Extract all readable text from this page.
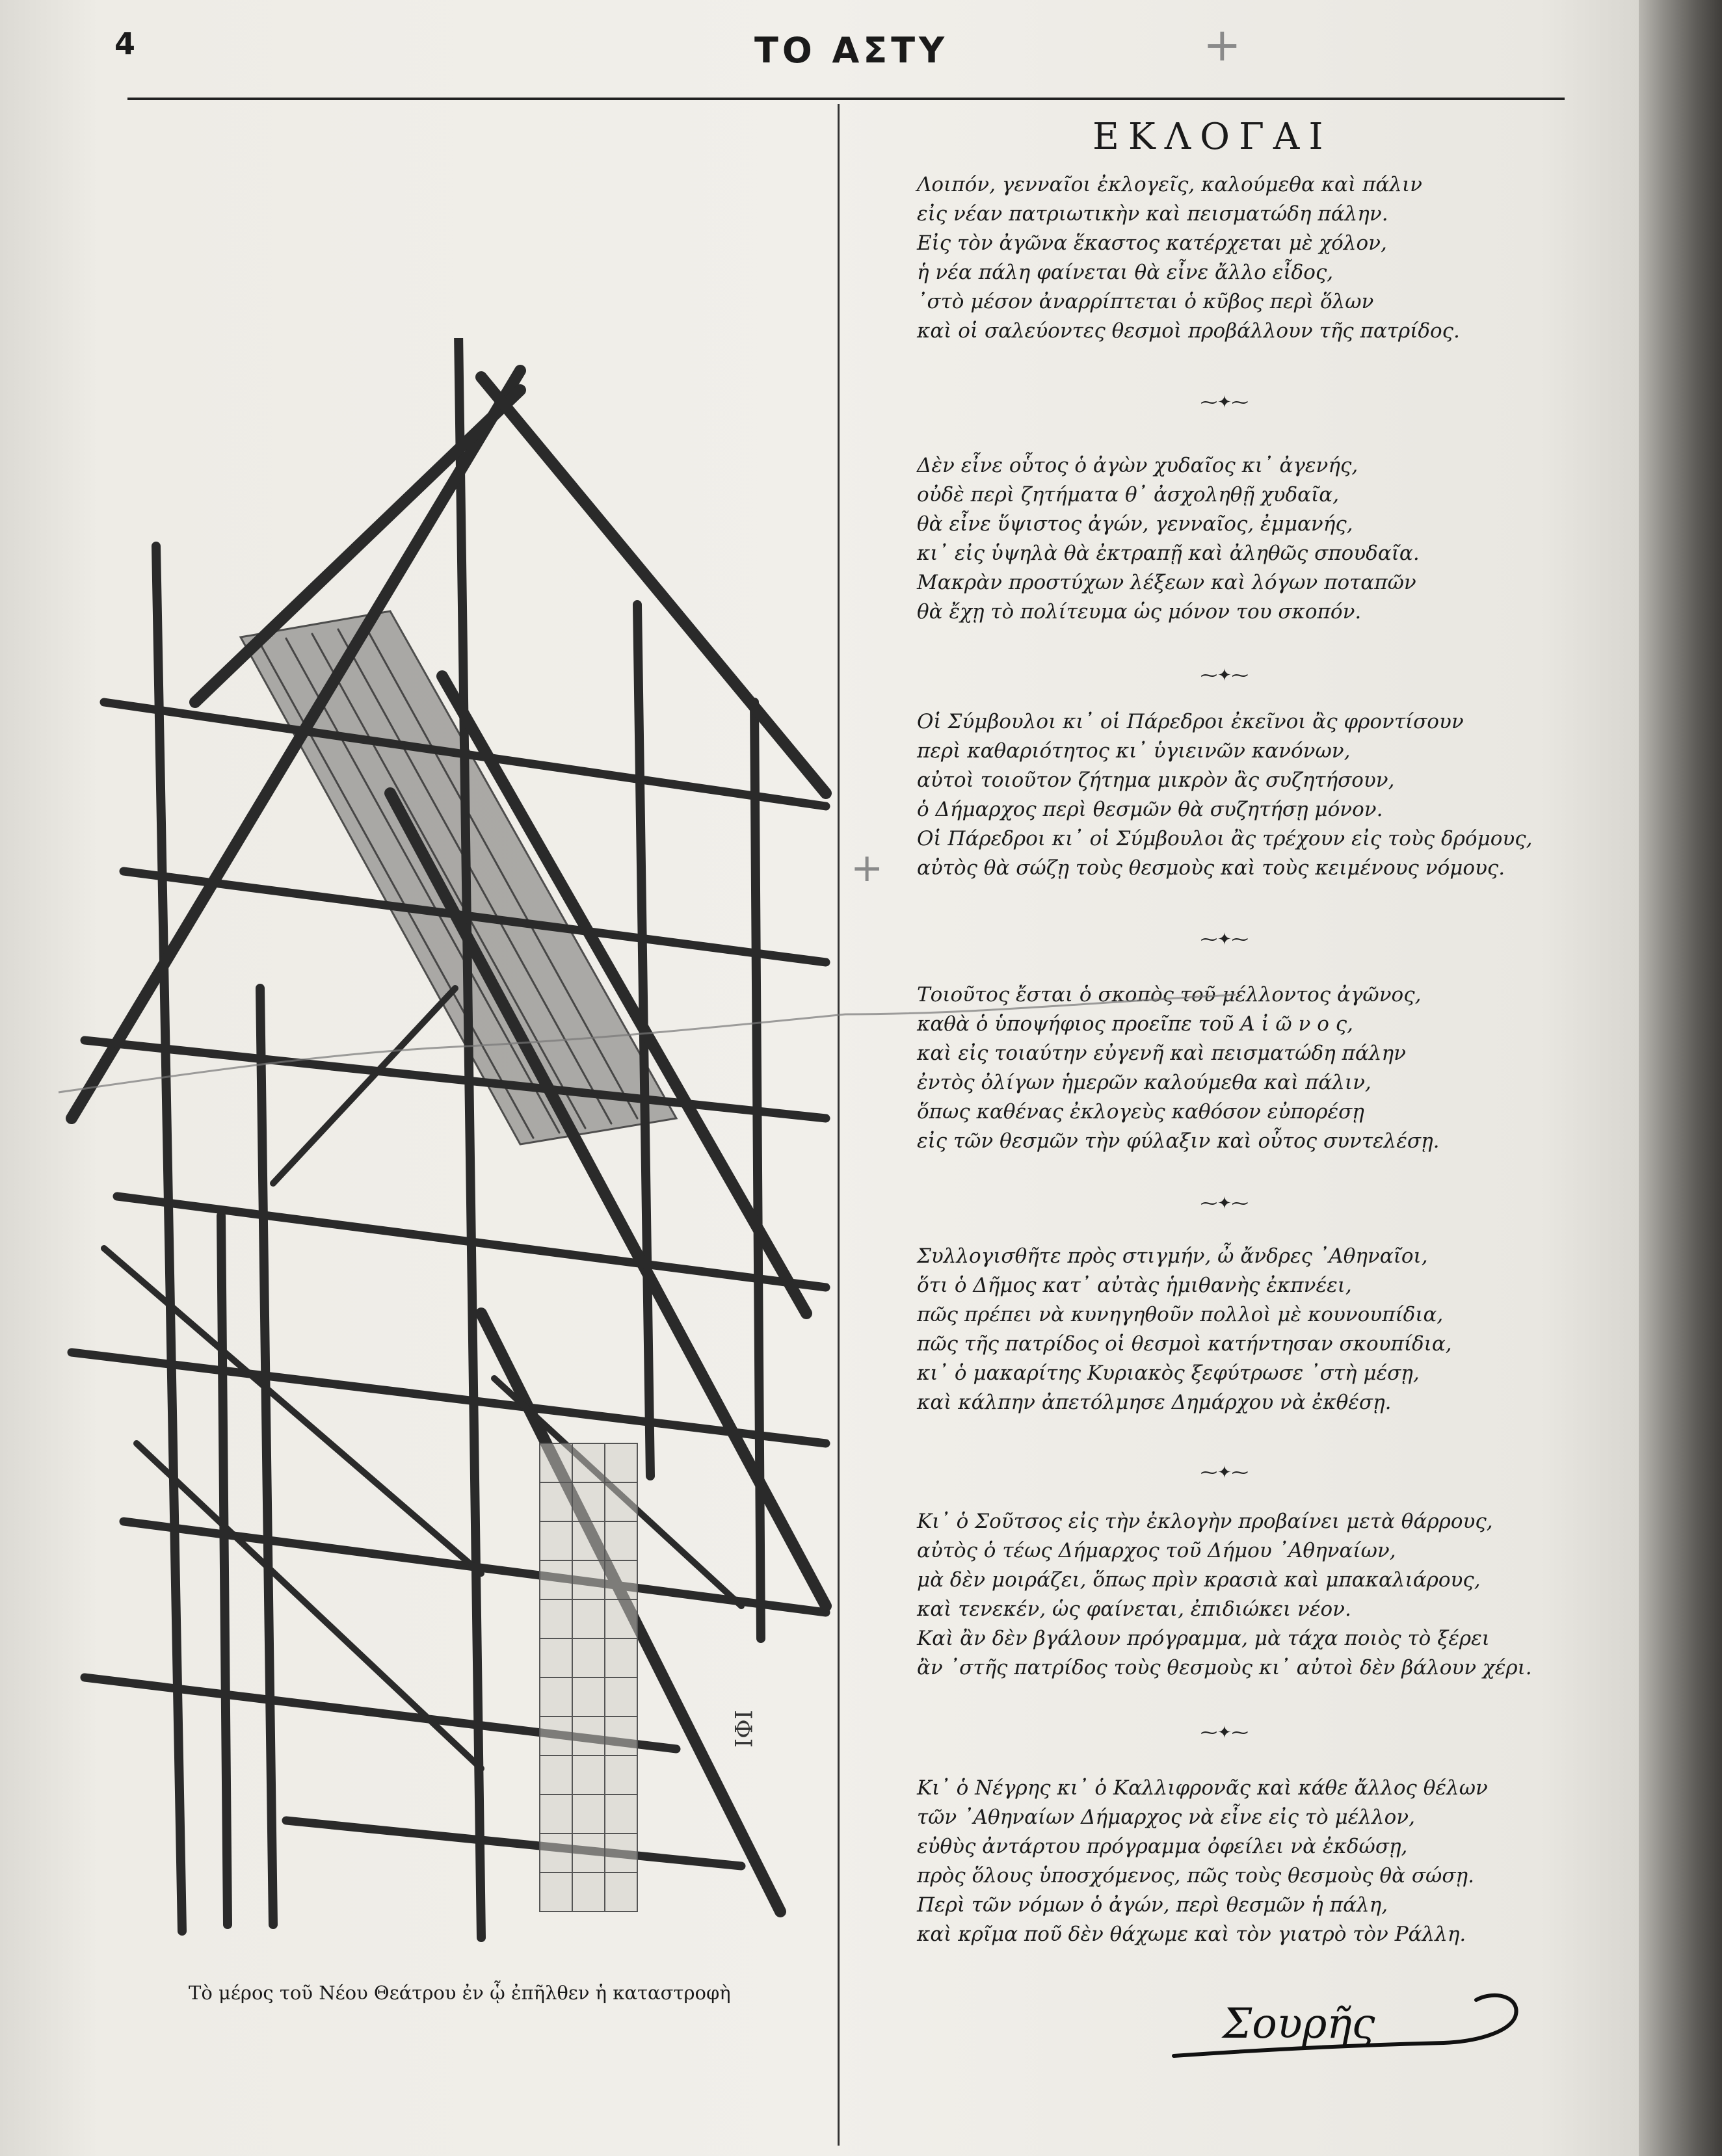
4	ΤΟ ΑΣΤΥ	+
+
ΙΦΙ
Τὸ μέρος τοῦ Νέου Θεάτρου ἐν ᾧ ἐπῆλθεν ἡ καταστροφὴ
ΕΚΛΟΓΑΙ
Λοιπόν, γενναῖοι ἐκλογεῖς, καλούμεθα καὶ πάλιν
εἰς νέαν πατριωτικὴν καὶ πεισματώδη πάλην.
Εἰς τὸν ἀγῶνα ἕκαστος κατέρχεται μὲ χόλον,
ἡ νέα πάλη φαίνεται θὰ εἶνε ἄλλο εἶδος,
᾿στὸ μέσον ἀναρρίπτεται ὁ κῦβος περὶ ὅλων
καὶ οἱ σαλεύοντες θεσμοὶ προβάλλουν τῆς πατρίδος.
⁓✦⁓
Δὲν εἶνε οὗτος ὁ ἀγὼν χυδαῖος κι᾿ ἀγενής,
οὐδὲ περὶ ζητήματα θ᾿ ἀσχοληθῇ χυδαῖα,
θὰ εἶνε ὕψιστος ἀγών, γενναῖος, ἐμμανής,
κι᾿ εἰς ὑψηλὰ θὰ ἐκτραπῇ καὶ ἀληθῶς σπουδαῖα.
Μακρὰν προστύχων λέξεων καὶ λόγων ποταπῶν
θὰ ἔχῃ τὸ πολίτευμα ὡς μόνον του σκοπόν.
⁓✦⁓
Οἱ Σύμβουλοι κι᾿ οἱ Πάρεδροι ἐκεῖνοι ἂς φροντίσουν
περὶ καθαριότητος κι᾿ ὑγιεινῶν κανόνων,
αὐτοὶ τοιοῦτον ζήτημα μικρὸν ἂς συζητήσουν,
ὁ Δήμαρχος περὶ θεσμῶν θὰ συζητήσῃ μόνον.
Οἱ Πάρεδροι κι᾿ οἱ Σύμβουλοι ἂς τρέχουν εἰς τοὺς δρόμους,
αὐτὸς θὰ σώζῃ τοὺς θεσμοὺς καὶ τοὺς κειμένους νόμους.
⁓✦⁓
Τοιοῦτος ἔσται ὁ σκοπὸς τοῦ μέλλοντος ἀγῶνος,
καθὰ ὁ ὑποψήφιος προεῖπε τοῦ Α ἰ ῶ ν ο ς,
καὶ εἰς τοιαύτην εὐγενῆ καὶ πεισματώδη πάλην
ἐντὸς ὀλίγων ἡμερῶν καλούμεθα καὶ πάλιν,
ὅπως καθένας ἐκλογεὺς καθόσον εὐπορέσῃ
εἰς τῶν θεσμῶν τὴν φύλαξιν καὶ οὗτος συντελέσῃ.
⁓✦⁓
Συλλογισθῆτε πρὸς στιγμήν, ὦ ἄνδρες ᾿Αθηναῖοι,
ὅτι ὁ Δῆμος κατ᾿ αὐτὰς ἡμιθανὴς ἐκπνέει,
πῶς πρέπει νὰ κυνηγηθοῦν πολλοὶ μὲ κουνουπίδια,
πῶς τῆς πατρίδος οἱ θεσμοὶ κατήντησαν σκουπίδια,
κι᾿ ὁ μακαρίτης Κυριακὸς ξεφύτρωσε ᾿στὴ μέσῃ,
καὶ κάλπην ἀπετόλμησε Δημάρχου νὰ ἐκθέσῃ.
⁓✦⁓
Κι᾿ ὁ Σοῦτσος εἰς τὴν ἐκλογὴν προβαίνει μετὰ θάρρους,
αὐτὸς ὁ τέως Δήμαρχος τοῦ Δήμου ᾿Αθηναίων,
μὰ δὲν μοιράζει, ὅπως πρὶν κρασιὰ καὶ μπακαλιάρους,
καὶ τενεκέν, ὡς φαίνεται, ἐπιδιώκει νέον.
Καὶ ἂν δὲν βγάλουν πρόγραμμα, μὰ τάχα ποιὸς τὸ ξέρει
ἂν ᾿στῆς πατρίδος τοὺς θεσμοὺς κι᾿ αὐτοὶ δὲν βάλουν χέρι.
⁓✦⁓
Κι᾿ ὁ Νέγρης κι᾿ ὁ Καλλιφρονᾶς καὶ κάθε ἄλλος θέλων
τῶν ᾿Αθηναίων Δήμαρχος νὰ εἶνε εἰς τὸ μέλλον,
εὐθὺς ἀντάρτου πρόγραμμα ὀφείλει νὰ ἐκδώσῃ,
πρὸς ὅλους ὑποσχόμενος, πῶς τοὺς θεσμοὺς θὰ σώσῃ.
Περὶ τῶν νόμων ὁ ἀγών, περὶ θεσμῶν ἡ πάλη,
καὶ κρῖμα ποῦ δὲν θάχωμε καὶ τὸν γιατρὸ τὸν Ράλλη.
Σουρῆς
